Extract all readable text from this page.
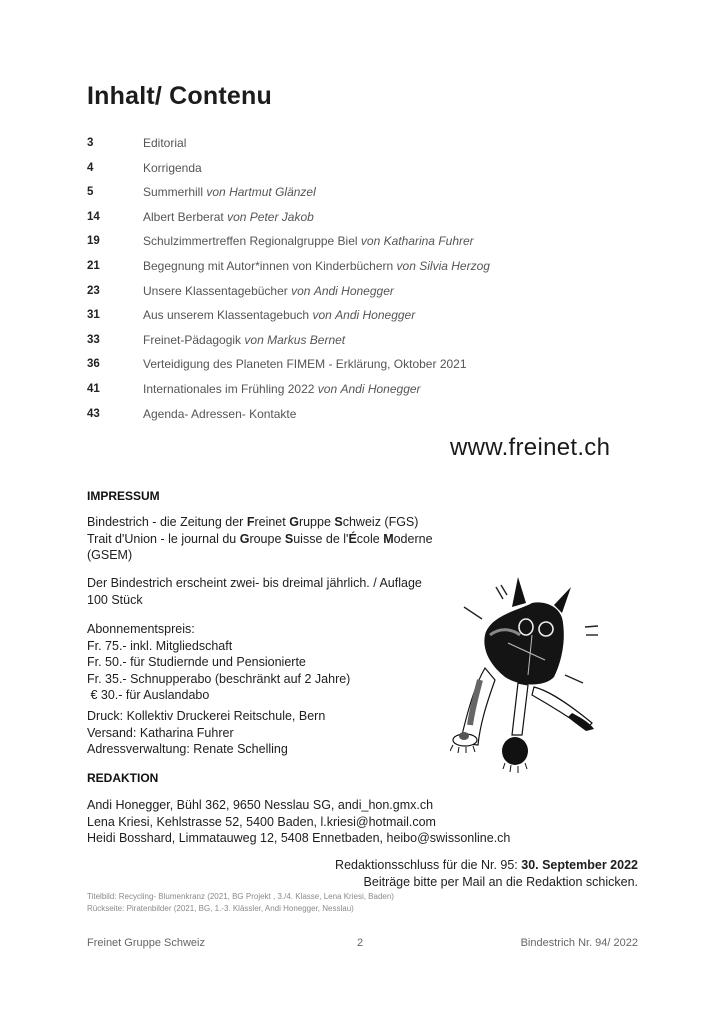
Inhalt/ Contenu
3	Editorial
4	Korrigenda
5	Summerhill von Hartmut Glänzel
14	Albert Berberat von Peter Jakob
19	Schulzimmertreffen Regionalgruppe Biel von Katharina Fuhrer
21	Begegnung mit Autor*innen von Kinderbüchern von Silvia Herzog
23	Unsere Klassentagebücher von Andi Honegger
31	Aus unserem Klassentagebuch von Andi Honegger
33	Freinet-Pädagogik von Markus Bernet
36	Verteidigung des Planeten FIMEM - Erklärung, Oktober 2021
41	Internationales im Frühling 2022 von Andi Honegger
43	Agenda- Adressen- Kontakte
www.freinet.ch
IMPRESSUM

Bindestrich - die Zeitung der Freinet Gruppe Schweiz (FGS)

Trait d'Union - le journal du Groupe Suisse de l'École Moderne

(GSEM)

Der Bindestrich erscheint zwei- bis dreimal jährlich. / Auflage

100 Stück

Abonnementspreis:

Fr. 75.- inkl. Mitgliedschaft

Fr. 50.- für Studiernde und Pensionierte

Fr. 35.- Schnupperabo (beschränkt auf 2 Jahre)

€ 30.- für Auslandabo

Druck: Kollektiv Druckerei Reitschule, Bern

Versand: Katharina Fuhrer

Adressverwaltung: Renate Schelling

REDAKTION

Andi Honegger, Bühl 362, 9650 Nesslau SG, andi_hon.gmx.ch

Lena Kriesi, Kehlstrasse 52, 5400 Baden, l.kriesi@hotmail.com

Heidi Bosshard, Limmatauweg 12, 5408 Ennetbaden, heibo@swissonline.ch

Redaktionsschluss für die Nr. 95: 30. September 2022
Beiträge bitte per Mail an die Redaktion schicken.
Titelbild: Recycling- Blumenkranz (2021, BG Projekt , 3./4. Klasse, Lena Kriesi, Baden)
Rückseite: Piratenbilder (2021, BG, 1.-3. Klässler, Andi Honegger, Nesslau)
Freinet Gruppe Schweiz	2	Bindestrich Nr. 94/ 2022
